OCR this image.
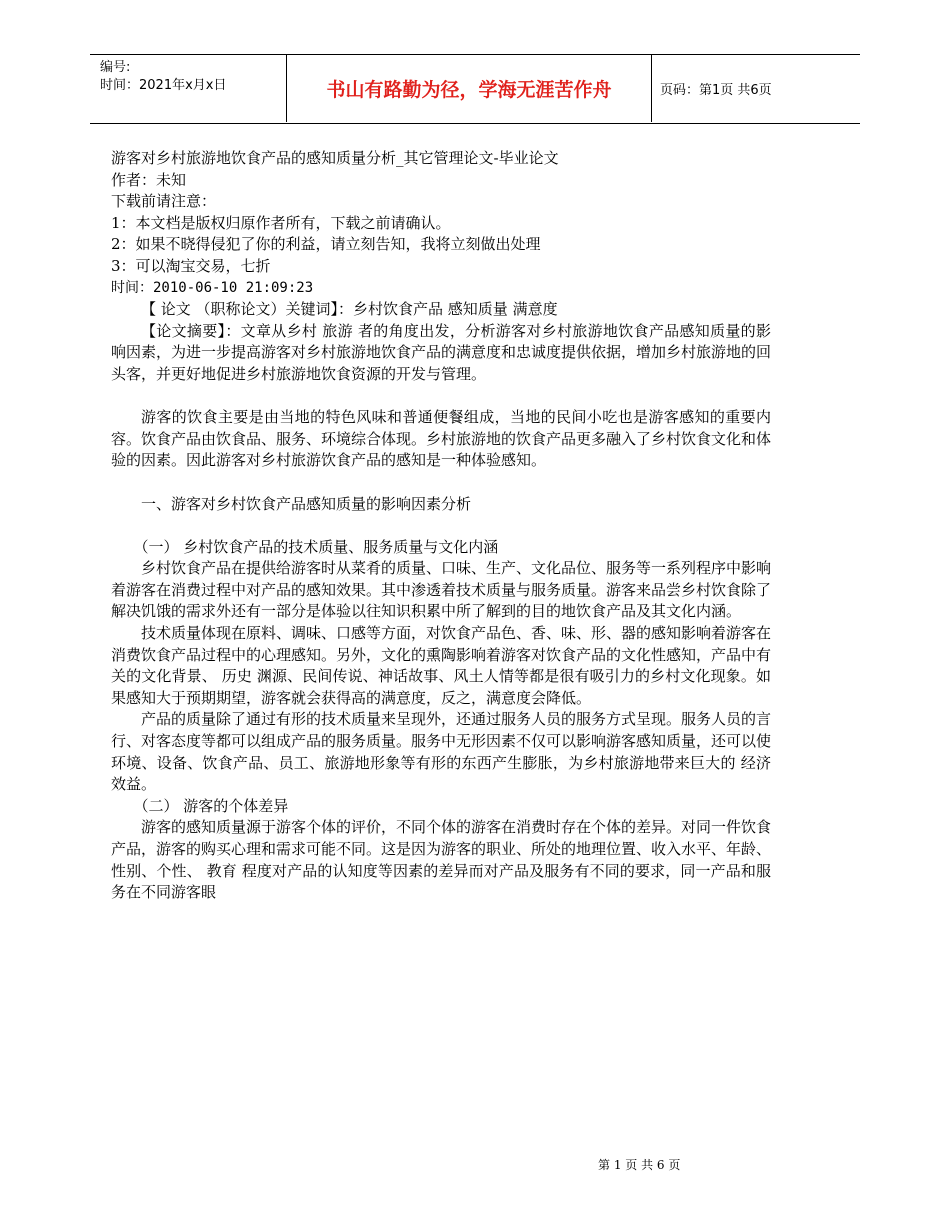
编号:
时间：2021年x月x日	书山有路勤为径，学海无涯苦作舟	页码：第1页 共6页

游客对乡村旅游地饮食产品的感知质量分析_其它管理论文-毕业论文

作者：未知

下载前请注意：

1：本文档是版权归原作者所有，下载之前请确认。

2：如果不晓得侵犯了你的利益，请立刻告知，我将立刻做出处理

3：可以淘宝交易，七折

时间：2010-06-10 21:09:23

【 论文 （职称论文）关键词】：乡村饮食产品 感知质量 满意度

【论文摘要】：文章从乡村 旅游 者的角度出发，分析游客对乡村旅游地饮食产品感知质量的影响因素，为进一步提高游客对乡村旅游地饮食产品的满意度和忠诚度提供依据，增加乡村旅游地的回头客，并更好地促进乡村旅游地饮食资源的开发与管理。

游客的饮食主要是由当地的特色风味和普通便餐组成，当地的民间小吃也是游客感知的重要内容。饮食产品由饮食品、服务、环境综合体现。乡村旅游地的饮食产品更多融入了乡村饮食文化和体验的因素。因此游客对乡村旅游饮食产品的感知是一种体验感知。

一、游客对乡村饮食产品感知质量的影响因素分析

（一） 乡村饮食产品的技术质量、服务质量与文化内涵

乡村饮食产品在提供给游客时从菜肴的质量、口味、生产、文化品位、服务等一系列程序中影响着游客在消费过程中对产品的感知效果。其中渗透着技术质量与服务质量。游客来品尝乡村饮食除了解决饥饿的需求外还有一部分是体验以往知识积累中所了解到的目的地饮食产品及其文化内涵。

技术质量体现在原料、调味、口感等方面，对饮食产品色、香、味、形、器的感知影响着游客在消费饮食产品过程中的心理感知。另外，文化的熏陶影响着游客对饮食产品的文化性感知，产品中有关的文化背景、 历史 渊源、民间传说、神话故事、风土人情等都是很有吸引力的乡村文化现象。如果感知大于预期期望，游客就会获得高的满意度，反之，满意度会降低。

产品的质量除了通过有形的技术质量来呈现外，还通过服务人员的服务方式呈现。服务人员的言行、对客态度等都可以组成产品的服务质量。服务中无形因素不仅可以影响游客感知质量，还可以使环境、设备、饮食产品、员工、旅游地形象等有形的东西产生膨胀，为乡村旅游地带来巨大的 经济 效益。

（二） 游客的个体差异

游客的感知质量源于游客个体的评价，不同个体的游客在消费时存在个体的差异。对同一件饮食产品，游客的购买心理和需求可能不同。这是因为游客的职业、所处的地理位置、收入水平、年龄、性别、个性、 教育 程度对产品的认知度等因素的差异而对产品及服务有不同的要求，同一产品和服务在不同游客眼

第 1 页 共 6 页
